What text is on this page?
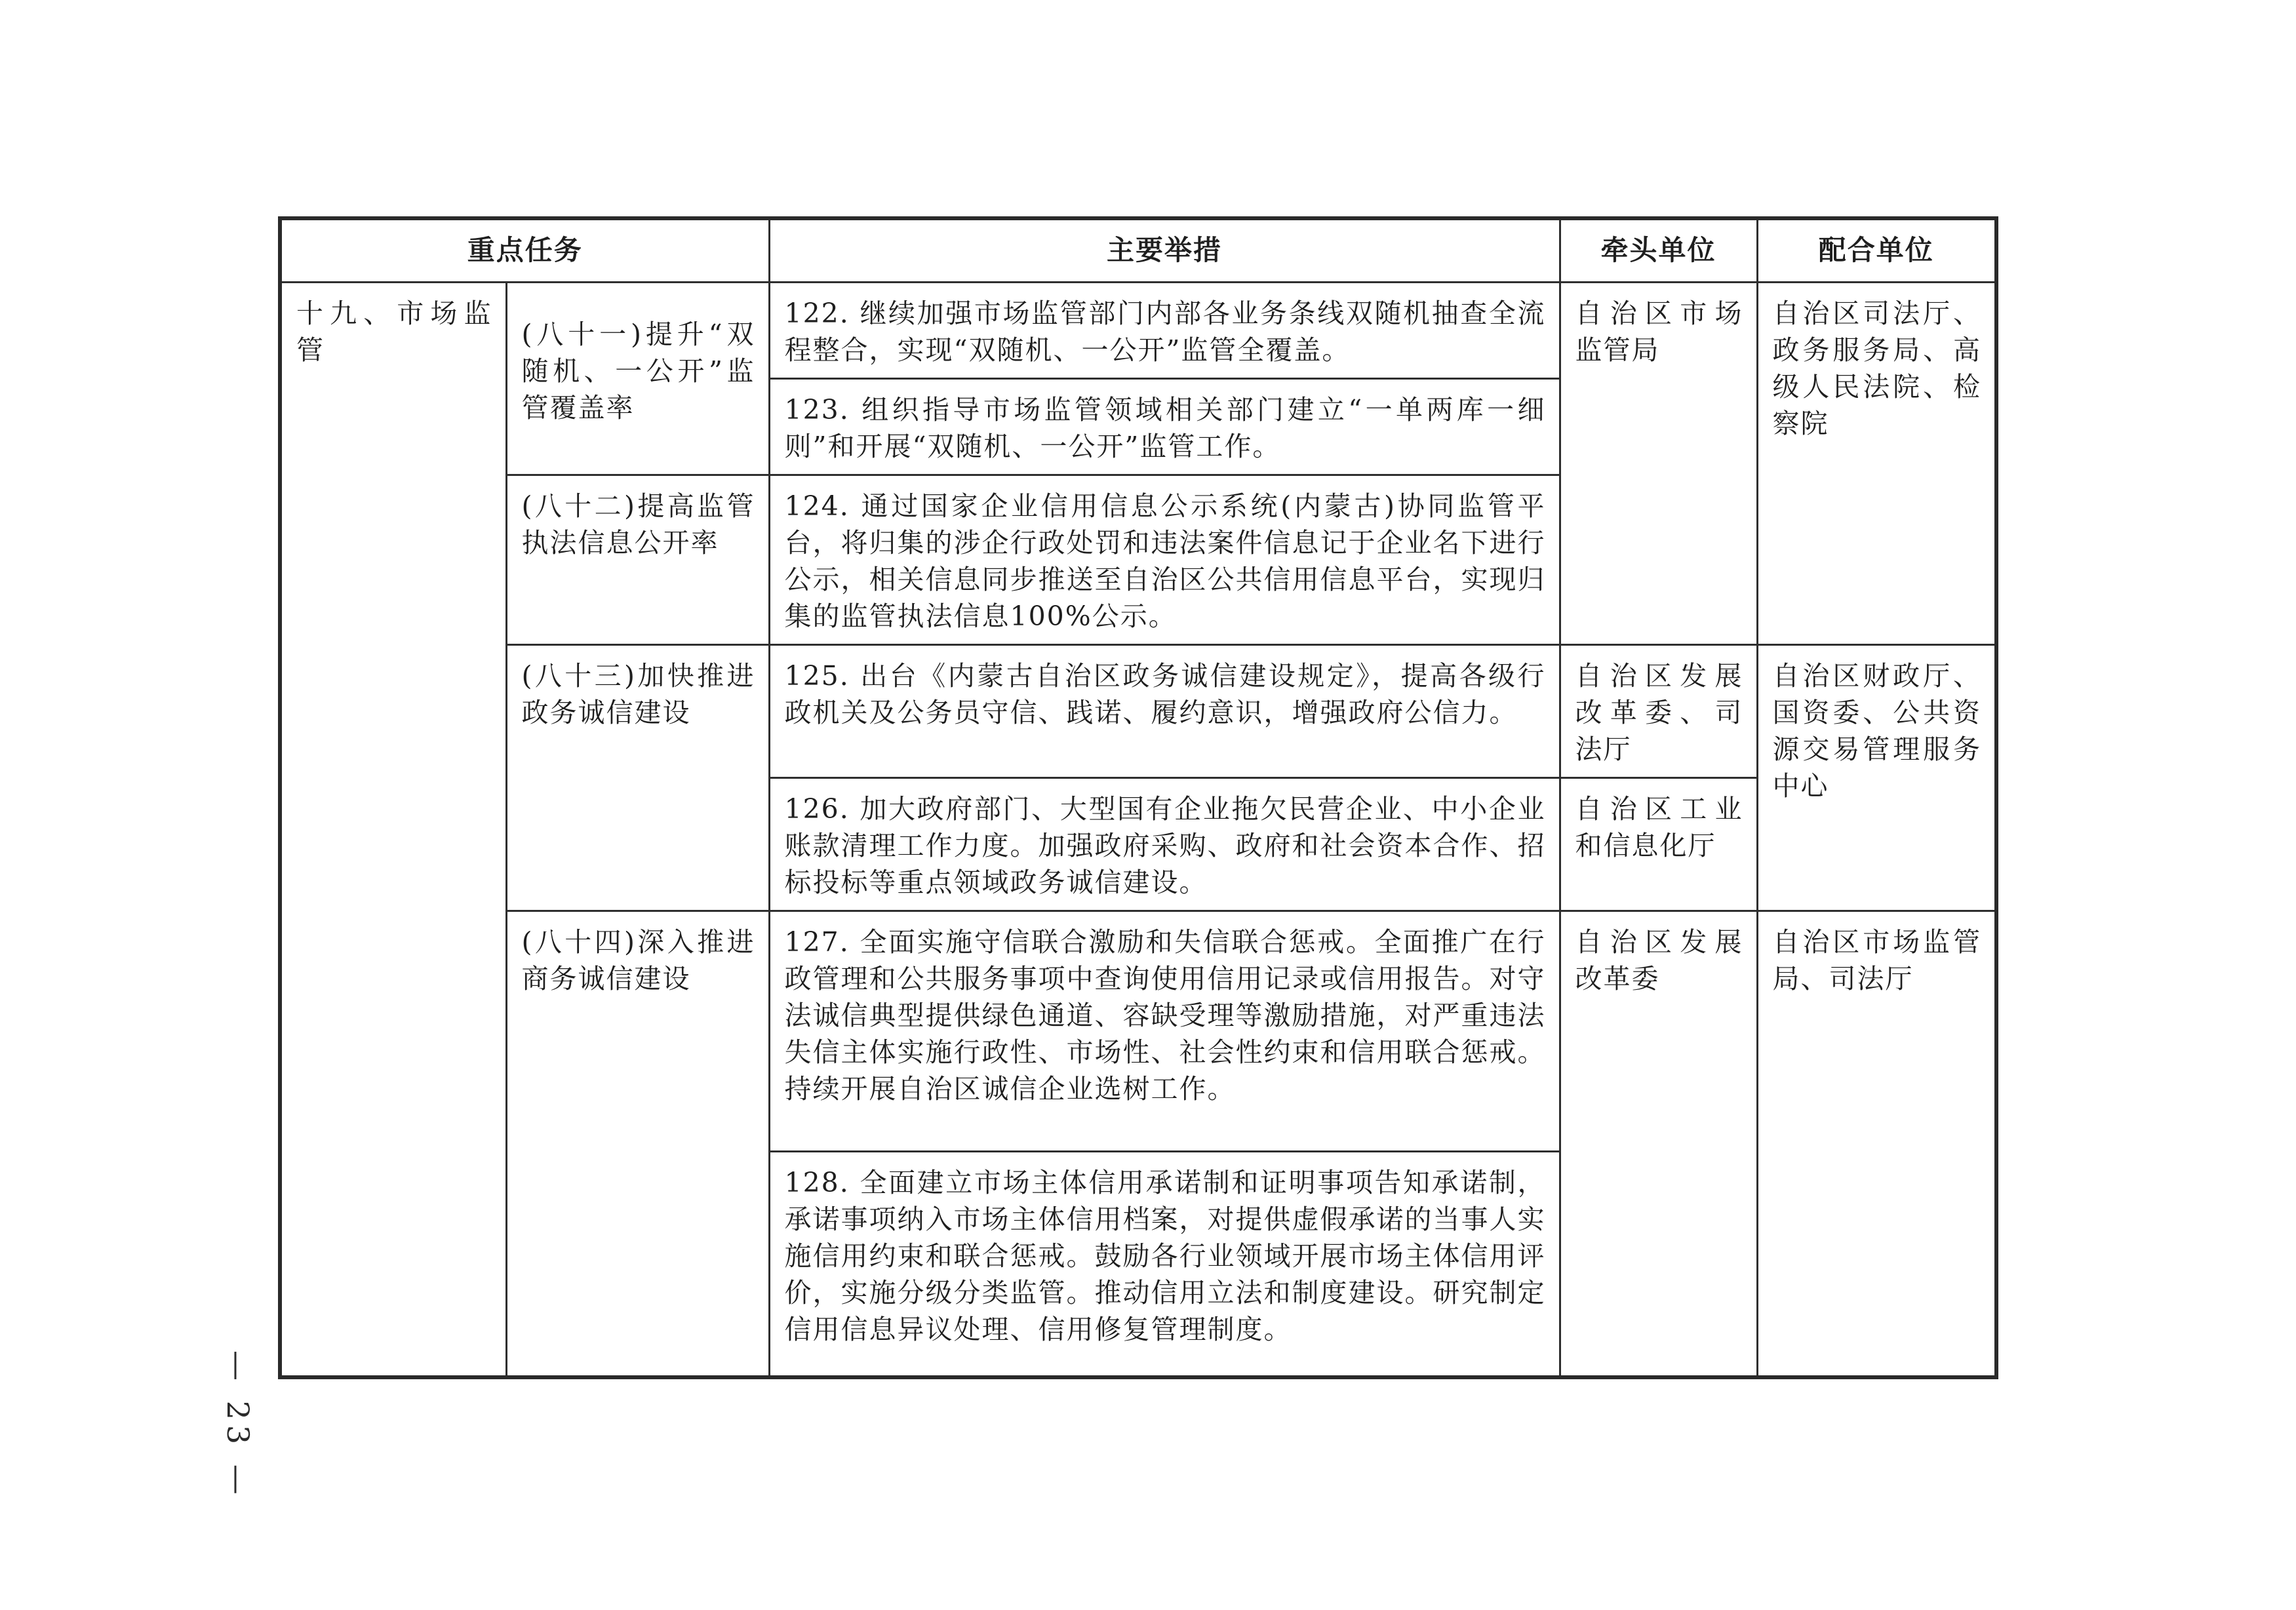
重点任务		主要举措	牵头单位	配合单位
十九、市场监管	(八十一)提升“双随机、一公开”监管覆盖率	122. 继续加强市场监管部门内部各业务条线双随机抽查全流程整合，实现“双随机、一公开”监管全覆盖。	自治区市场监管局	自治区司法厅、政务服务局、高级人民法院、检察院
		123. 组织指导市场监管领域相关部门建立“一单两库一细则”和开展“双随机、一公开”监管工作。		
	(八十二)提高监管执法信息公开率	124. 通过国家企业信用信息公示系统(内蒙古)协同监管平台，将归集的涉企行政处罚和违法案件信息记于企业名下进行公示，相关信息同步推送至自治区公共信用信息平台，实现归集的监管执法信息100%公示。		
	(八十三)加快推进政务诚信建设	125. 出台《内蒙古自治区政务诚信建设规定》，提高各级行政机关及公务员守信、践诺、履约意识，增强政府公信力。	自治区发展改革委、司法厅	自治区财政厅、国资委、公共资源交易管理服务中心
		126. 加大政府部门、大型国有企业拖欠民营企业、中小企业账款清理工作力度。加强政府采购、政府和社会资本合作、招标投标等重点领域政务诚信建设。	自治区工业和信息化厅	
	(八十四)深入推进商务诚信建设	127. 全面实施守信联合激励和失信联合惩戒。全面推广在行政管理和公共服务事项中查询使用信用记录或信用报告。对守法诚信典型提供绿色通道、容缺受理等激励措施，对严重违法失信主体实施行政性、市场性、社会性约束和信用联合惩戒。持续开展自治区诚信企业选树工作。	自治区发展改革委	自治区市场监管局、司法厅
		128. 全面建立市场主体信用承诺制和证明事项告知承诺制，承诺事项纳入市场主体信用档案，对提供虚假承诺的当事人实施信用约束和联合惩戒。鼓励各行业领域开展市场主体信用评价，实施分级分类监管。推动信用立法和制度建设。研究制定信用信息异议处理、信用修复管理制度。		
— 23 —
